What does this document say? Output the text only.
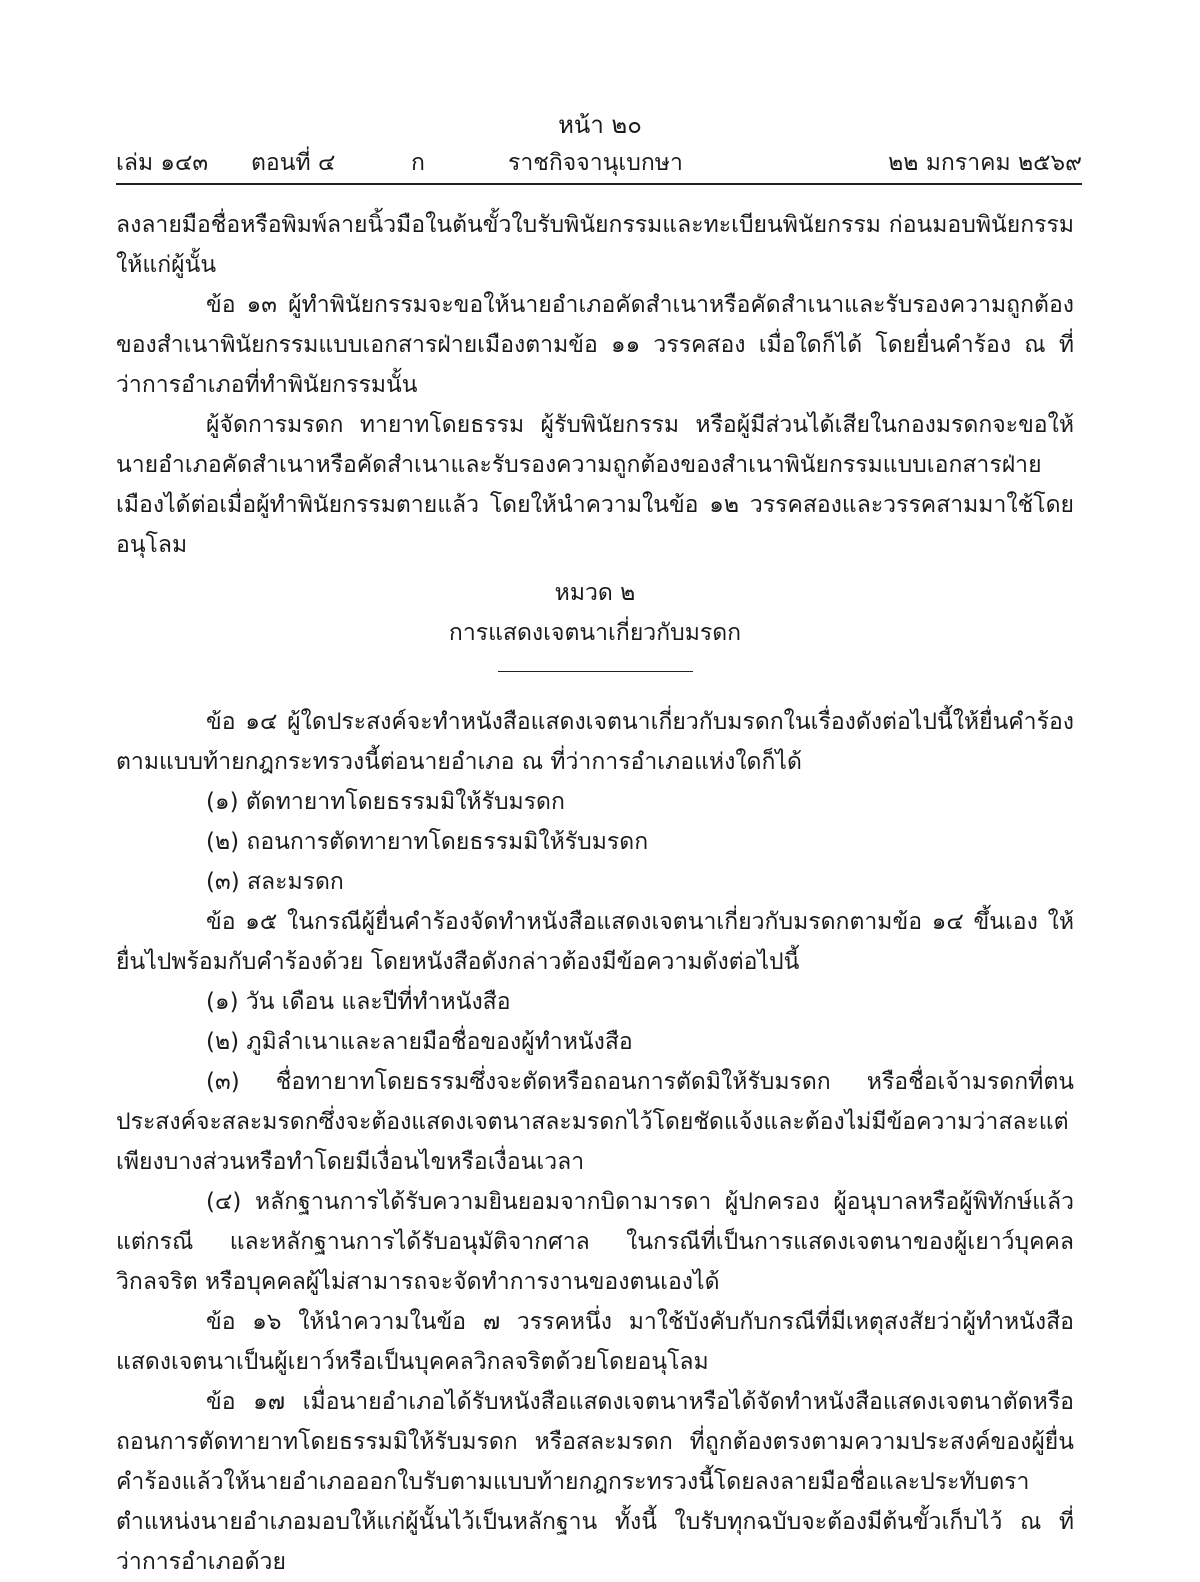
หน้า ๒๐
เล่ม ๑๔๓ ตอนที่ ๔	ก	ราชกิจจานุเบกษา	๒๒ มกราคม ๒๕๖๙

ลงลายมือชื่อหรือพิมพ์ลายนิ้วมือในต้นขั้วใบรับพินัยกรรมและทะเบียนพินัยกรรม ก่อนมอบพินัยกรรมให้แก่ผู้นั้น

ข้อ ๑๓ ผู้ทำพินัยกรรมจะขอให้นายอำเภอคัดสำเนาหรือคัดสำเนาและรับรองความถูกต้องของสำเนาพินัยกรรมแบบเอกสารฝ่ายเมืองตามข้อ ๑๑ วรรคสอง เมื่อใดก็ได้ โดยยื่นคำร้อง ณ ที่ว่าการอำเภอที่ทำพินัยกรรมนั้น

ผู้จัดการมรดก ทายาทโดยธรรม ผู้รับพินัยกรรม หรือผู้มีส่วนได้เสียในกองมรดกจะขอให้นายอำเภอคัดสำเนาหรือคัดสำเนาและรับรองความถูกต้องของสำเนาพินัยกรรมแบบเอกสารฝ่ายเมืองได้ต่อเมื่อผู้ทำพินัยกรรมตายแล้ว โดยให้นำความในข้อ ๑๒ วรรคสองและวรรคสามมาใช้โดยอนุโลม

หมวด ๒

การแสดงเจตนาเกี่ยวกับมรดก

ข้อ ๑๔ ผู้ใดประสงค์จะทำหนังสือแสดงเจตนาเกี่ยวกับมรดกในเรื่องดังต่อไปนี้ให้ยื่นคำร้องตามแบบท้ายกฎกระทรวงนี้ต่อนายอำเภอ ณ ที่ว่าการอำเภอแห่งใดก็ได้

(๑) ตัดทายาทโดยธรรมมิให้รับมรดก

(๒) ถอนการตัดทายาทโดยธรรมมิให้รับมรดก

(๓) สละมรดก

ข้อ ๑๕ ในกรณีผู้ยื่นคำร้องจัดทำหนังสือแสดงเจตนาเกี่ยวกับมรดกตามข้อ ๑๔ ขึ้นเอง ให้ยื่นไปพร้อมกับคำร้องด้วย โดยหนังสือดังกล่าวต้องมีข้อความดังต่อไปนี้

(๑) วัน เดือน และปีที่ทำหนังสือ

(๒) ภูมิลำเนาและลายมือชื่อของผู้ทำหนังสือ

(๓) ชื่อทายาทโดยธรรมซึ่งจะตัดหรือถอนการตัดมิให้รับมรดก หรือชื่อเจ้ามรดกที่ตนประสงค์จะสละมรดกซึ่งจะต้องแสดงเจตนาสละมรดกไว้โดยชัดแจ้งและต้องไม่มีข้อความว่าสละแต่เพียงบางส่วนหรือทำโดยมีเงื่อนไขหรือเงื่อนเวลา

(๔) หลักฐานการได้รับความยินยอมจากบิดามารดา ผู้ปกครอง ผู้อนุบาลหรือผู้พิทักษ์แล้วแต่กรณี และหลักฐานการได้รับอนุมัติจากศาล ในกรณีที่เป็นการแสดงเจตนาของผู้เยาว์บุคคลวิกลจริต หรือบุคคลผู้ไม่สามารถจะจัดทำการงานของตนเองได้

ข้อ ๑๖ ให้นำความในข้อ ๗ วรรคหนึ่ง มาใช้บังคับกับกรณีที่มีเหตุสงสัยว่าผู้ทำหนังสือแสดงเจตนาเป็นผู้เยาว์หรือเป็นบุคคลวิกลจริตด้วยโดยอนุโลม

ข้อ ๑๗ เมื่อนายอำเภอได้รับหนังสือแสดงเจตนาหรือได้จัดทำหนังสือแสดงเจตนาตัดหรือถอนการตัดทายาทโดยธรรมมิให้รับมรดก หรือสละมรดก ที่ถูกต้องตรงตามความประสงค์ของผู้ยื่นคำร้องแล้วให้นายอำเภอออกใบรับตามแบบท้ายกฎกระทรวงนี้โดยลงลายมือชื่อและประทับตราตำแหน่งนายอำเภอมอบให้แก่ผู้นั้นไว้เป็นหลักฐาน ทั้งนี้ ใบรับทุกฉบับจะต้องมีต้นขั้วเก็บไว้ ณ ที่ว่าการอำเภอด้วย
